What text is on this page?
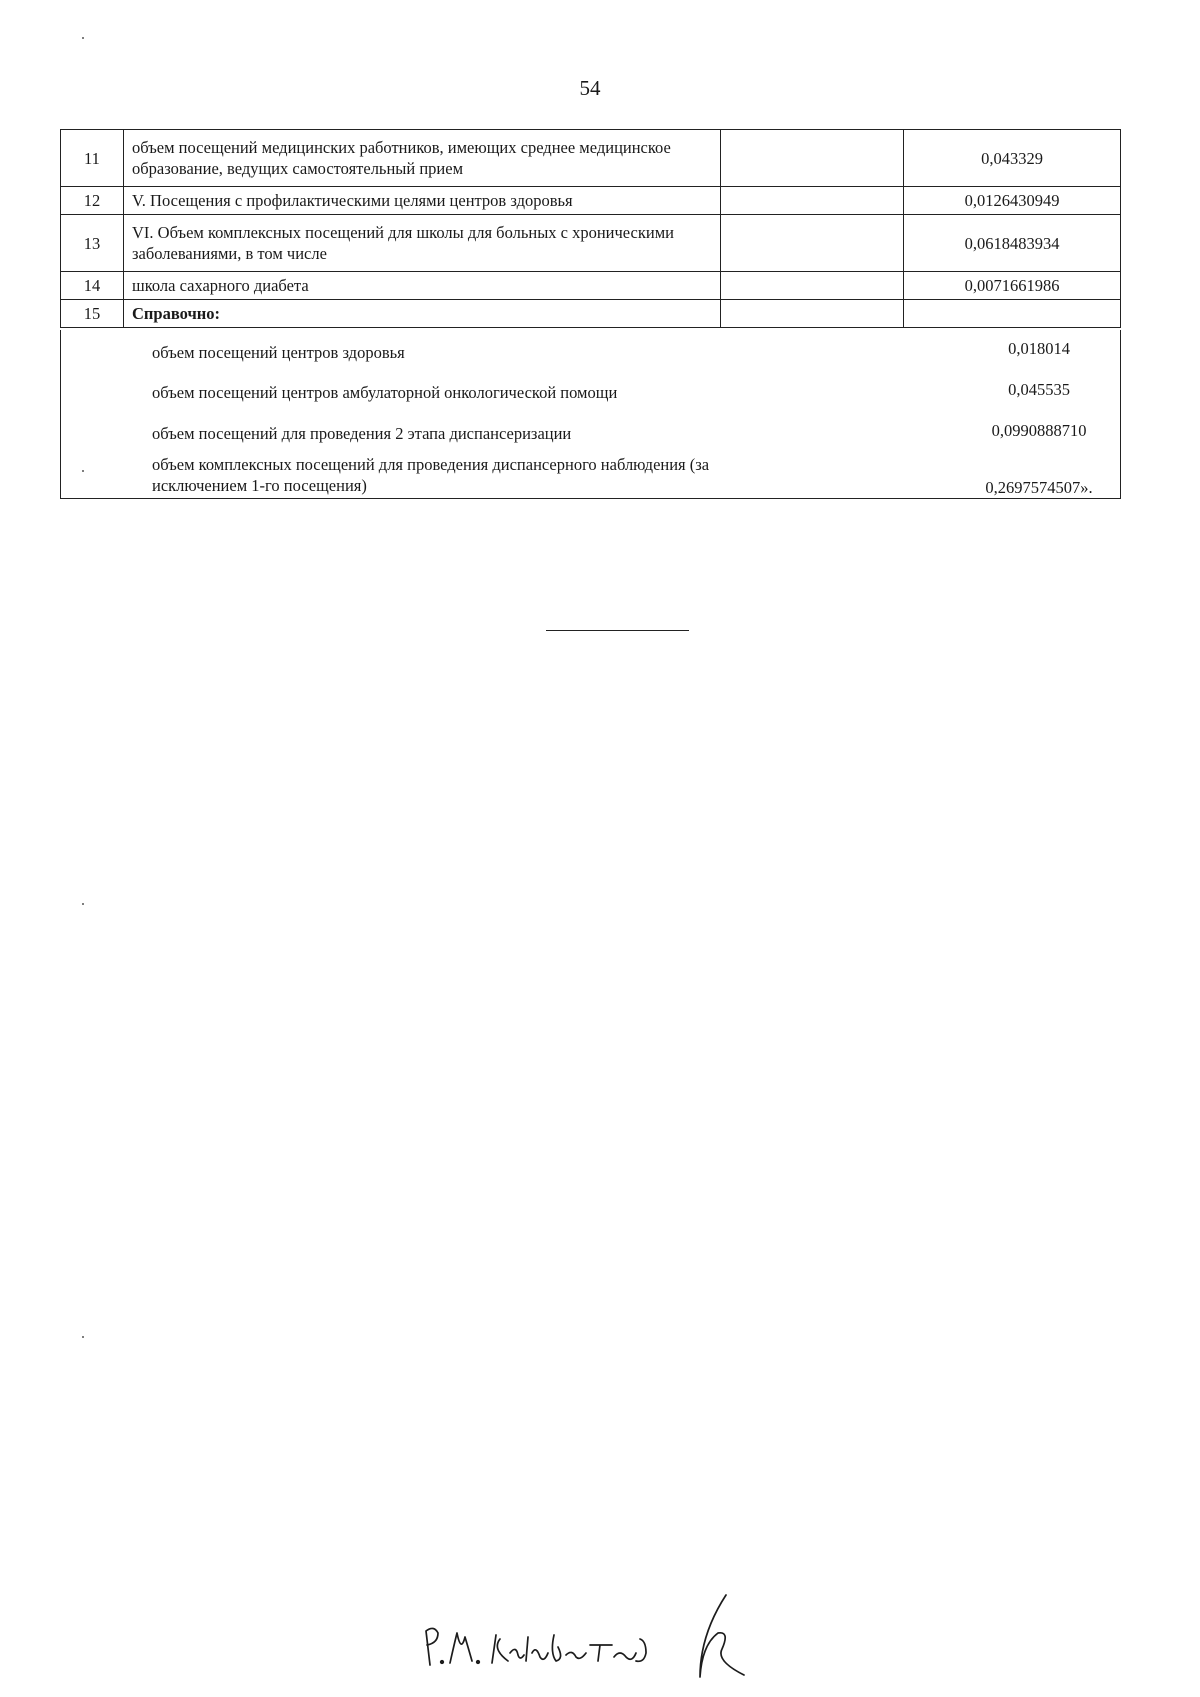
54
11	объем посещений медицинских работников, имеющих среднее медицинское образование, ведущих самостоятельный прием		0,043329
12	V. Посещения с профилактическими целями центров здоровья		0,0126430949
13	VI. Объем комплексных посещений для школы для больных с хроническими заболеваниями, в том числе		0,0618483934
14	школа сахарного диабета		0,0071661986
15	Справочно:		
объем посещений центров здоровья	0,018014
объем посещений центров амбулаторной онкологической помощи	0,045535
объем посещений для проведения 2 этапа диспансеризации	0,0990888710
объем комплексных посещений для проведения диспансерного наблюдения (за исключением 1-го посещения)	0,2697574507».
